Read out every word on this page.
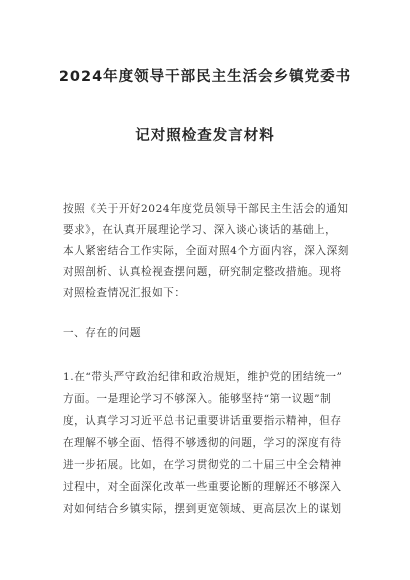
2024年度领导干部民主生活会乡镇党委书
记对照检查发言材料
按照《关于开好2024年度党员领导干部民主生活会的通知
要求》，在认真开展理论学习、深入谈心谈话的基础上，
本人紧密结合工作实际，全面对照4个方面内容，深入深刻
对照剖析、认真检视查摆问题，研究制定整改措施。现将
对照检查情况汇报如下：
一、存在的问题
1.在“带头严守政治纪律和政治规矩，维护党的团结统一”
方面。一是理论学习不够深入。能够坚持“第一议题”制
度，认真学习习近平总书记重要讲话重要指示精神，但存
在理解不够全面、悟得不够透彻的问题，学习的深度有待
进一步拓展。比如，在学习贯彻党的二十届三中全会精神
过程中，对全面深化改革一些重要论断的理解还不够深入
对如何结合乡镇实际，摆到更宽领域、更高层次上的谋划
